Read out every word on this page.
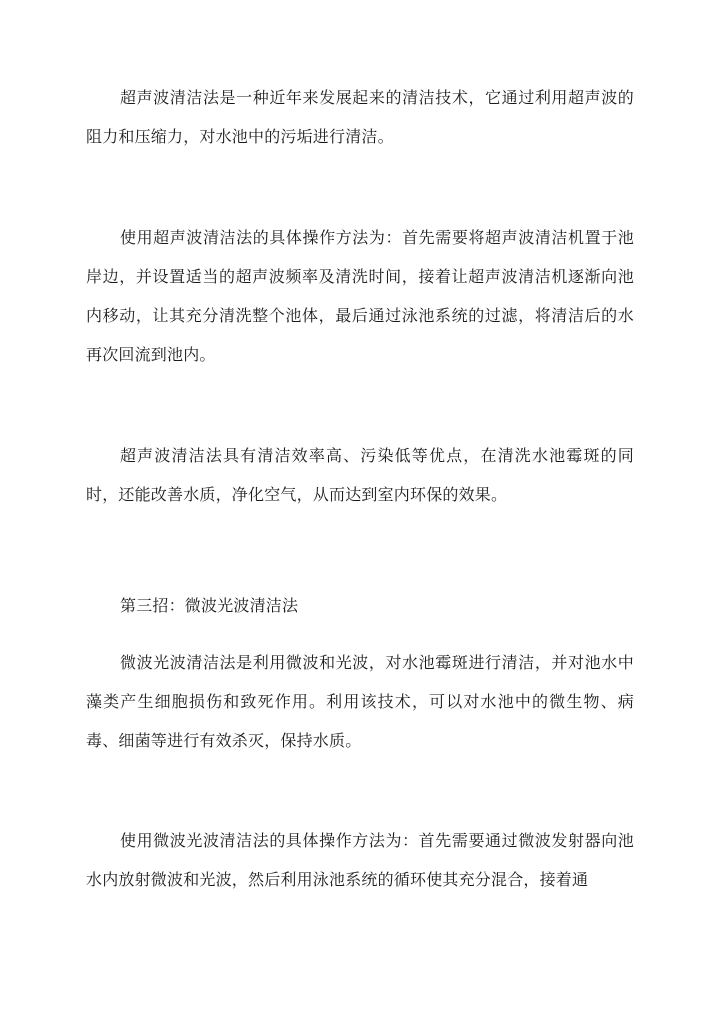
超声波清洁法是一种近年来发展起来的清洁技术，它通过利用超声波的阻力和压缩力，对水池中的污垢进行清洁。

使用超声波清洁法的具体操作方法为：首先需要将超声波清洁机置于池岸边，并设置适当的超声波频率及清洗时间，接着让超声波清洁机逐渐向池内移动，让其充分清洗整个池体，最后通过泳池系统的过滤，将清洁后的水再次回流到池内。

超声波清洁法具有清洁效率高、污染低等优点，在清洗水池霉斑的同时，还能改善水质，净化空气，从而达到室内环保的效果。

第三招：微波光波清洁法

微波光波清洁法是利用微波和光波，对水池霉斑进行清洁，并对池水中藻类产生细胞损伤和致死作用。利用该技术，可以对水池中的微生物、病毒、细菌等进行有效杀灭，保持水质。

使用微波光波清洁法的具体操作方法为：首先需要通过微波发射器向池水内放射微波和光波，然后利用泳池系统的循环使其充分混合，接着通
